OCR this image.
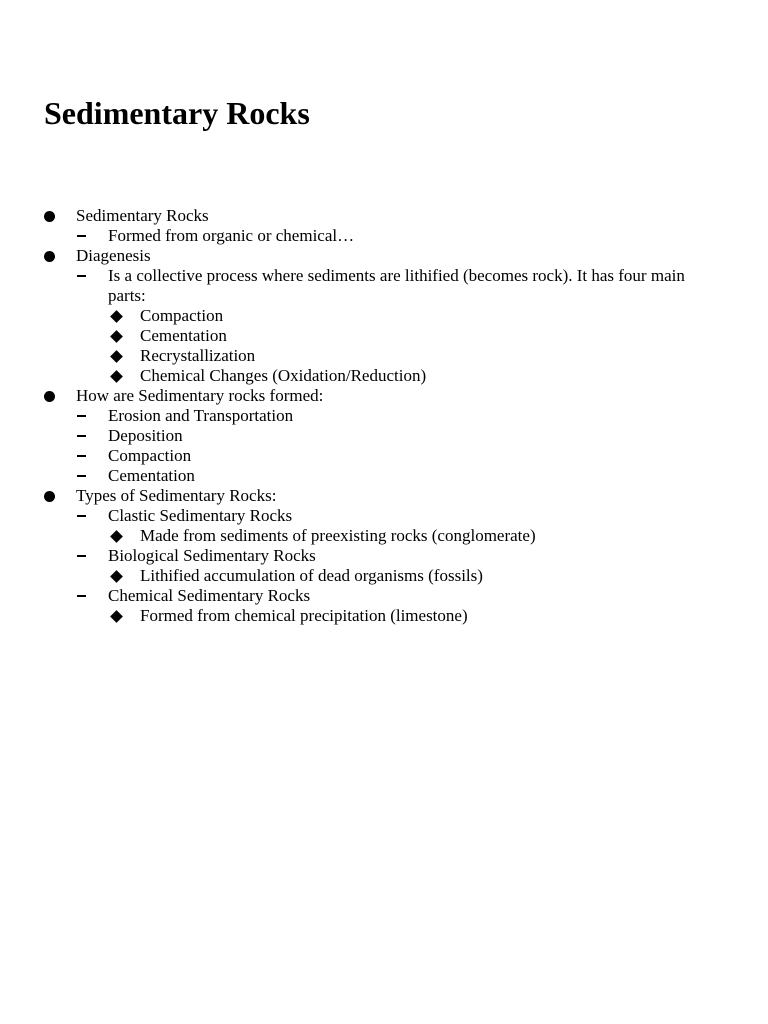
Sedimentary Rocks
Sedimentary Rocks
Formed from organic or chemical…
Diagenesis
Is a collective process where sediments are lithified (becomes rock). It has four main parts:
Compaction
Cementation
Recrystallization
Chemical Changes (Oxidation/Reduction)
How are Sedimentary rocks formed:
Erosion and Transportation
Deposition
Compaction
Cementation
Types of Sedimentary Rocks:
Clastic Sedimentary Rocks
Made from sediments of preexisting rocks (conglomerate)
Biological Sedimentary Rocks
Lithified accumulation of dead organisms (fossils)
Chemical Sedimentary Rocks
Formed from chemical precipitation (limestone)
